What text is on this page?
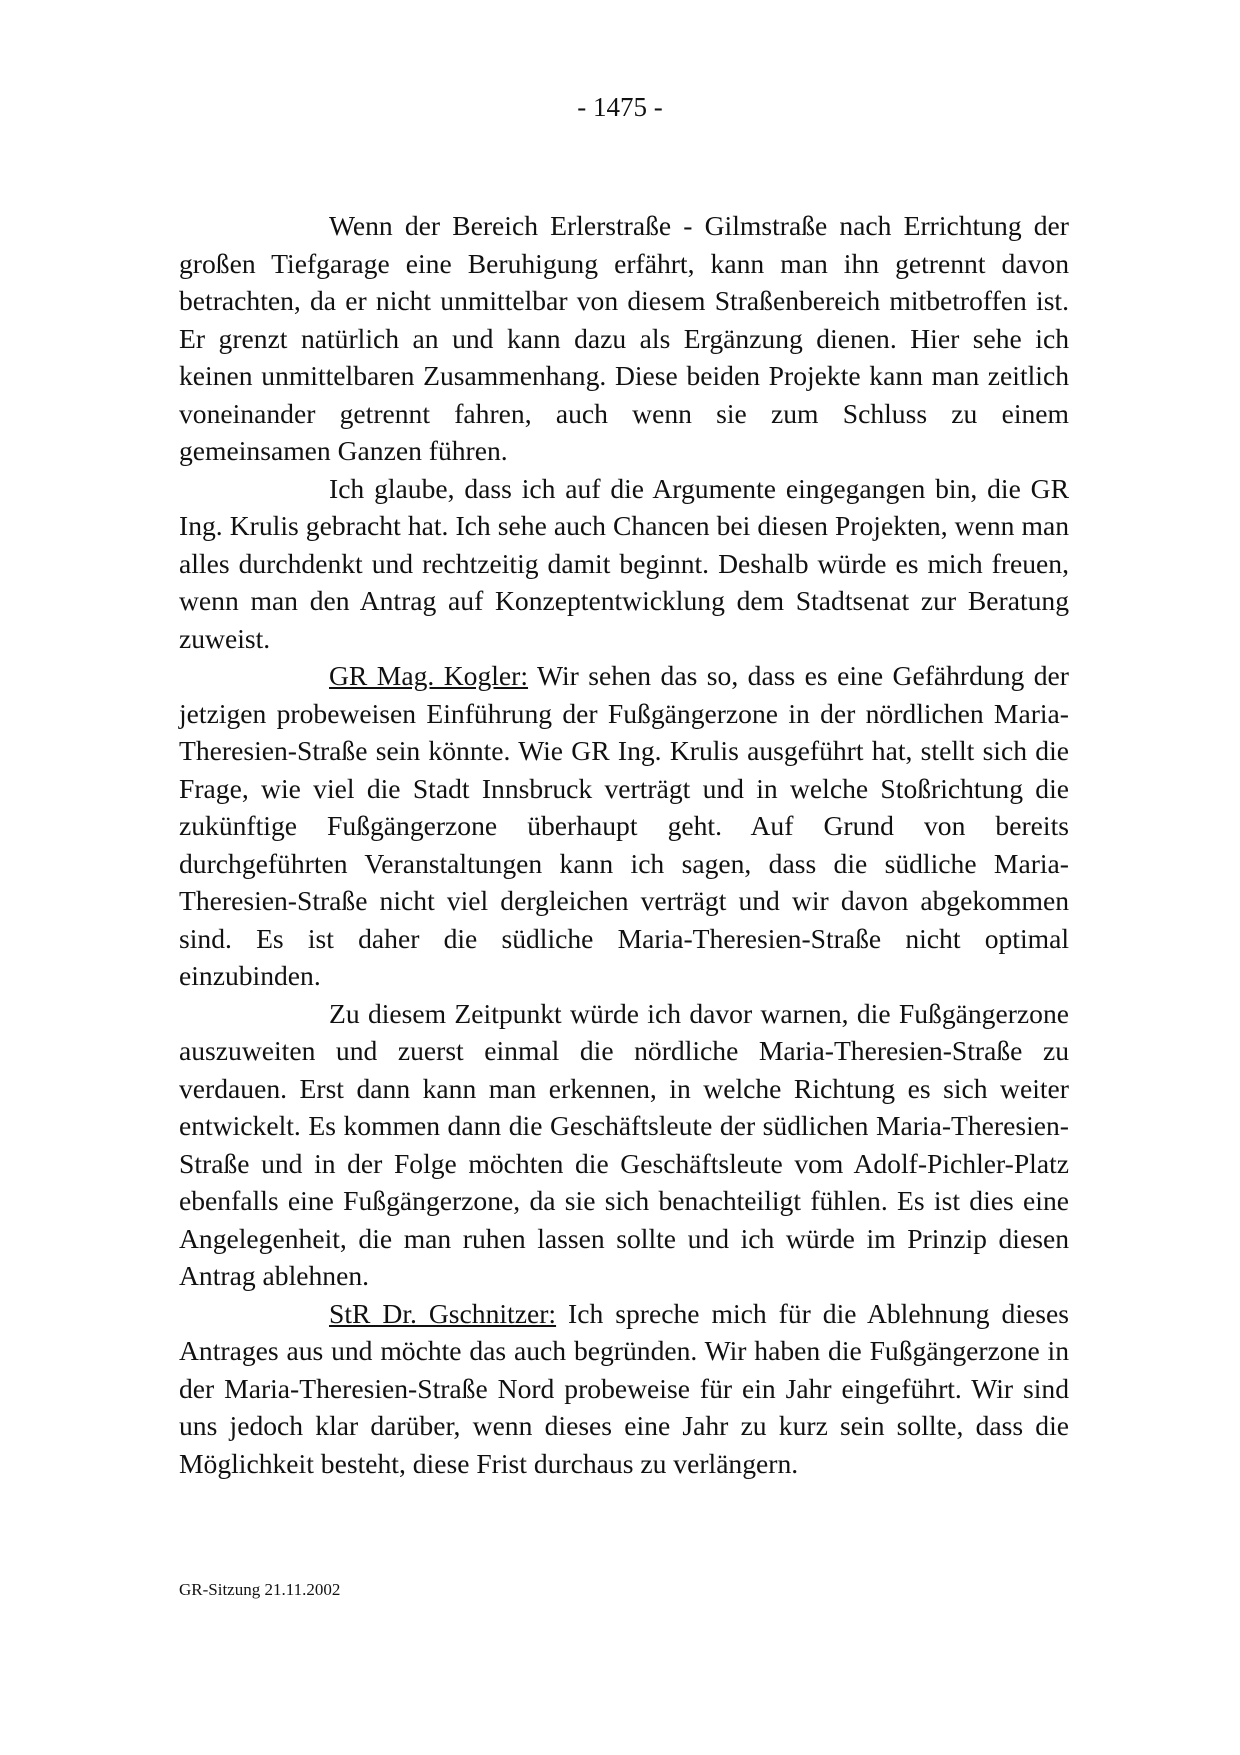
- 1475 -

Wenn der Bereich Erlerstraße - Gilmstraße nach Errichtung der großen Tiefgarage eine Beruhigung erfährt, kann man ihn getrennt davon betrachten, da er nicht unmittelbar von diesem Straßenbereich mitbetroffen ist. Er grenzt natürlich an und kann dazu als Ergänzung dienen. Hier sehe ich keinen unmittelbaren Zusammenhang. Diese beiden Projekte kann man zeitlich voneinander getrennt fahren, auch wenn sie zum Schluss zu einem gemeinsamen Ganzen führen.

Ich glaube, dass ich auf die Argumente eingegangen bin, die GR Ing. Krulis gebracht hat. Ich sehe auch Chancen bei diesen Projekten, wenn man alles durchdenkt und rechtzeitig damit beginnt. Deshalb würde es mich freuen, wenn man den Antrag auf Konzeptentwicklung dem Stadtsenat zur Beratung zuweist.

GR Mag. Kogler: Wir sehen das so, dass es eine Gefährdung der jetzigen probeweisen Einführung der Fußgängerzone in der nördlichen Maria-Theresien-Straße sein könnte. Wie GR Ing. Krulis ausgeführt hat, stellt sich die Frage, wie viel die Stadt Innsbruck verträgt und in welche Stoßrichtung die zukünftige Fußgängerzone überhaupt geht. Auf Grund von bereits durchgeführten Veranstaltungen kann ich sagen, dass die südliche Maria-Theresien-Straße nicht viel dergleichen verträgt und wir davon abgekommen sind. Es ist daher die südliche Maria-Theresien-Straße nicht optimal einzubinden.

Zu diesem Zeitpunkt würde ich davor warnen, die Fußgängerzone auszuweiten und zuerst einmal die nördliche Maria-Theresien-Straße zu verdauen. Erst dann kann man erkennen, in welche Richtung es sich weiter entwickelt. Es kommen dann die Geschäftsleute der südlichen Maria-Theresien-Straße und in der Folge möchten die Geschäftsleute vom Adolf-Pichler-Platz ebenfalls eine Fußgängerzone, da sie sich benachteiligt fühlen. Es ist dies eine Angelegenheit, die man ruhen lassen sollte und ich würde im Prinzip diesen Antrag ablehnen.

StR Dr. Gschnitzer: Ich spreche mich für die Ablehnung dieses Antrages aus und möchte das auch begründen. Wir haben die Fußgängerzone in der Maria-Theresien-Straße Nord probeweise für ein Jahr eingeführt. Wir sind uns jedoch klar darüber, wenn dieses eine Jahr zu kurz sein sollte, dass die Möglichkeit besteht, diese Frist durchaus zu verlängern.

GR-Sitzung 21.11.2002
